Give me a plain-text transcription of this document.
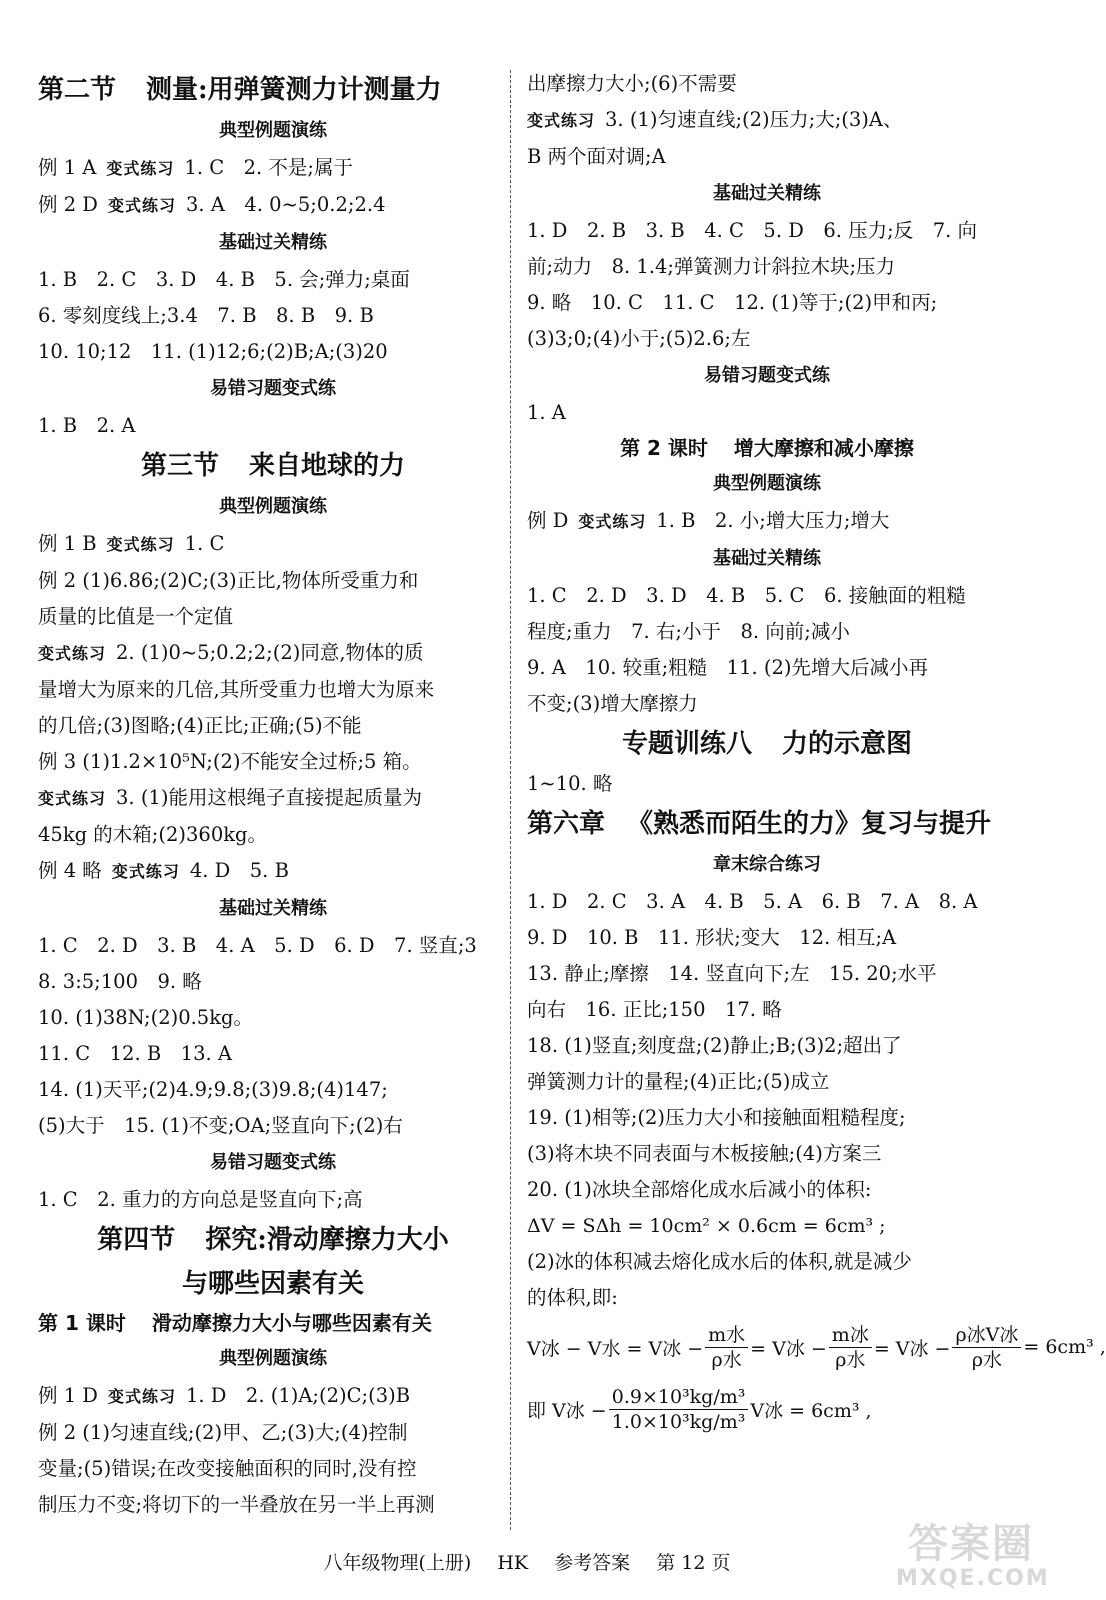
第二节 测量:用弹簧测力计测量力
典型例题演练
例 1 A 变式练习 1. C　2. 不是;属于
例 2 D 变式练习 3. A　4. 0~5;0.2;2.4
基础过关精练
1. B　2. C　3. D　4. B　5. 会;弹力;桌面
6. 零刻度线上;3.4　7. B　8. B　9. B
10. 10;12　11. (1)12;6;(2)B;A;(3)20
易错习题变式练
1. B　2. A
第三节 来自地球的力
典型例题演练
例 1 B 变式练习 1. C
例 2 (1)6.86;(2)C;(3)正比,物体所受重力和
质量的比值是一个定值
变式练习 2. (1)0~5;0.2;2;(2)同意,物体的质
量增大为原来的几倍,其所受重力也增大为原来
的几倍;(3)图略;(4)正比;正确;(5)不能
例 3 (1)1.2×10⁵N;(2)不能安全过桥;5 箱。
变式练习 3. (1)能用这根绳子直接提起质量为
45kg 的木箱;(2)360kg。
例 4 略 变式练习 4. D　5. B
基础过关精练
1. C　2. D　3. B　4. A　5. D　6. D　7. 竖直;3
8. 3:5;100　9. 略
10. (1)38N;(2)0.5kg。
11. C　12. B　13. A
14. (1)天平;(2)4.9;9.8;(3)9.8;(4)147;
(5)大于　15. (1)不变;OA;竖直向下;(2)右
易错习题变式练
1. C　2. 重力的方向总是竖直向下;高
第四节 探究:滑动摩擦力大小
与哪些因素有关
第 1 课时 滑动摩擦力大小与哪些因素有关
典型例题演练
例 1 D 变式练习 1. D　2. (1)A;(2)C;(3)B
例 2 (1)匀速直线;(2)甲、乙;(3)大;(4)控制
变量;(5)错误;在改变接触面积的同时,没有控
制压力不变;将切下的一半叠放在另一半上再测
出摩擦力大小;(6)不需要
变式练习 3. (1)匀速直线;(2)压力;大;(3)A、
B 两个面对调;A
基础过关精练
1. D　2. B　3. B　4. C　5. D　6. 压力;反　7. 向
前;动力　8. 1.4;弹簧测力计斜拉木块;压力
9. 略　10. C　11. C　12. (1)等于;(2)甲和丙;
(3)3;0;(4)小于;(5)2.6;左
易错习题变式练
1. A
第 2 课时 增大摩擦和减小摩擦
典型例题演练
例 D 变式练习 1. B　2. 小;增大压力;增大
基础过关精练
1. C　2. D　3. D　4. B　5. C　6. 接触面的粗糙
程度;重力　7. 右;小于　8. 向前;减小
9. A　10. 较重;粗糙　11. (2)先增大后减小再
不变;(3)增大摩擦力
专题训练八 力的示意图
1~10. 略
第六章 《熟悉而陌生的力》复习与提升
章末综合练习
1. D　2. C　3. A　4. B　5. A　6. B　7. A　8. A
9. D　10. B　11. 形状;变大　12. 相互;A
13. 静止;摩擦　14. 竖直向下;左　15. 20;水平
向右　16. 正比;150　17. 略
18. (1)竖直;刻度盘;(2)静止;B;(3)2;超出了
弹簧测力计的量程;(4)正比;(5)成立
19. (1)相等;(2)压力大小和接触面粗糙程度;
(3)将木块不同表面与木板接触;(4)方案三
20. (1)冰块全部熔化成水后减小的体积:
ΔV = SΔh = 10cm² × 0.6cm = 6cm³ ;
(2)冰的体积减去熔化成水后的体积,就是减少
的体积,即:
V冰 − V水 = V冰 − $\frac{\text{m水}}{\text{ρ水}} = V$冰 − $\frac{\text{m冰}}{\text{ρ水}} = V$冰 − $\frac{\text{ρ冰V冰}}{\text{ρ水}} = 6cm^3$ ,
即 V冰 − $\frac{\text{0.9×10³kg/m³}}{\text{1.0×10³kg/m³}}$ V冰 = 6cm³ ,
八年级物理(上册) HK 参考答案 第 12 页	答案圈
MXQE.COM
